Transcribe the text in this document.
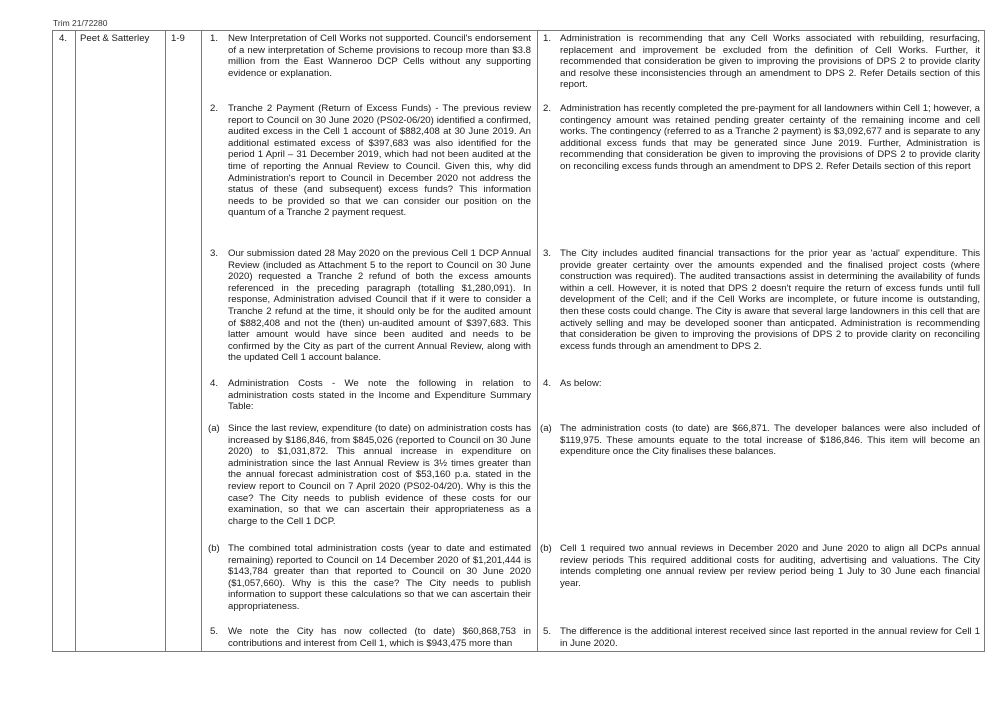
Trim 21/72280
4. Peet & Satterley 1-9	1. New Interpretation of Cell Works not supported. Council's endorsement of a new interpretation of Scheme provisions to recoup more than $3.8 million from the East Wanneroo DCP Cells without any supporting evidence or explanation.
1. Administration is recommending that any Cell Works associated with rebuilding, resurfacing, replacement and improvement be excluded from the definition of Cell Works. Further, it recommended that consideration be given to improving the provisions of DPS 2 to provide clarity and resolve these inconsistencies through an amendment to DPS 2. Refer Details section of this report.
2. Tranche 2 Payment (Return of Excess Funds) - The previous review report to Council on 30 June 2020 (PS02-06/20) identified a confirmed, audited excess in the Cell 1 account of $882,408 at 30 June 2019. An additional estimated excess of $397,683 was also identified for the period 1 April – 31 December 2019, which had not been audited at the time of reporting the Annual Review to Council. Given this, why did Administration's report to Council in December 2020 not address the status of these (and subsequent) excess funds? This information needs to be provided so that we can consider our position on the quantum of a Tranche 2 payment request.
2. Administration has recently completed the pre-payment for all landowners within Cell 1; however, a contingency amount was retained pending greater certainty of the remaining income and cell works. The contingency (referred to as a Tranche 2 payment) is $3,092,677 and is separate to any additional excess funds that may be generated since June 2019. Further, Administration is recommending that consideration be given to improving the provisions of DPS 2 to provide clarity on reconciling excess funds through an amendment to DPS 2. Refer Details section of this report
3. Our submission dated 28 May 2020 on the previous Cell 1 DCP Annual Review (included as Attachment 5 to the report to Council on 30 June 2020) requested a Tranche 2 refund of both the excess amounts referenced in the preceding paragraph (totalling $1,280,091). In response, Administration advised Council that if it were to consider a Tranche 2 refund at the time, it should only be for the audited amount of $882,408 and not the (then) un-audited amount of $397,683. This latter amount would have since been audited and needs to be confirmed by the City as part of the current Annual Review, along with the updated Cell 1 account balance.
3. The City includes audited financial transactions for the prior year as 'actual' expenditure. This provide greater certainty over the amounts expended and the finalised project costs (where construction was required). The audited transactions assist in determining the availability of funds within a cell. However, it is noted that DPS 2 doesn't require the return of excess funds until full development of the Cell; and if the Cell Works are incomplete, or future income is outstanding, then these costs could change. The City is aware that several large landowners in this cell that are actively selling and may be developed sooner than anticpated. Administration is recommending that consideration be given to improving the provisions of DPS 2 to provide clarity on reconciling excess funds through an amendment to DPS 2.
4. Administration Costs - We note the following in relation to administration costs stated in the Income and Expenditure Summary Table:
4. As below:
(a) Since the last review, expenditure (to date) on administration costs has increased by $186,846, from $845,026 (reported to Council on 30 June 2020) to $1,031,872. This annual increase in expenditure on administration since the last Annual Review is 3½ times greater than the annual forecast administration cost of $53,160 p.a. stated in the review report to Council on 7 April 2020 (PS02-04/20). Why is this the case? The City needs to publish evidence of these costs for our examination, so that we can ascertain their appropriateness as a charge to the Cell 1 DCP.
(a) The administration costs (to date) are $66,871. The developer balances were also included of $119,975. These amounts equate to the total increase of $186,846. This item will become an expenditure once the City finalises these balances.
(b) The combined total administration costs (year to date and estimated remaining) reported to Council on 14 December 2020 of $1,201,444 is $143,784 greater than that reported to Council on 30 June 2020 ($1,057,660). Why is this the case? The City needs to publish information to support these calculations so that we can ascertain their appropriateness.
(b) Cell 1 required two annual reviews in December 2020 and June 2020 to align all DCPs annual review periods This required additional costs for auditing, advertising and valuations. The City intends completing one annual review per review period being 1 July to 30 June each financial year.
5. We note the City has now collected (to date) $60,868,753 in contributions and interest from Cell 1, which is $943,475 more than
5. The difference is the additional interest received since last reported in the annual review for Cell 1 in June 2020.
